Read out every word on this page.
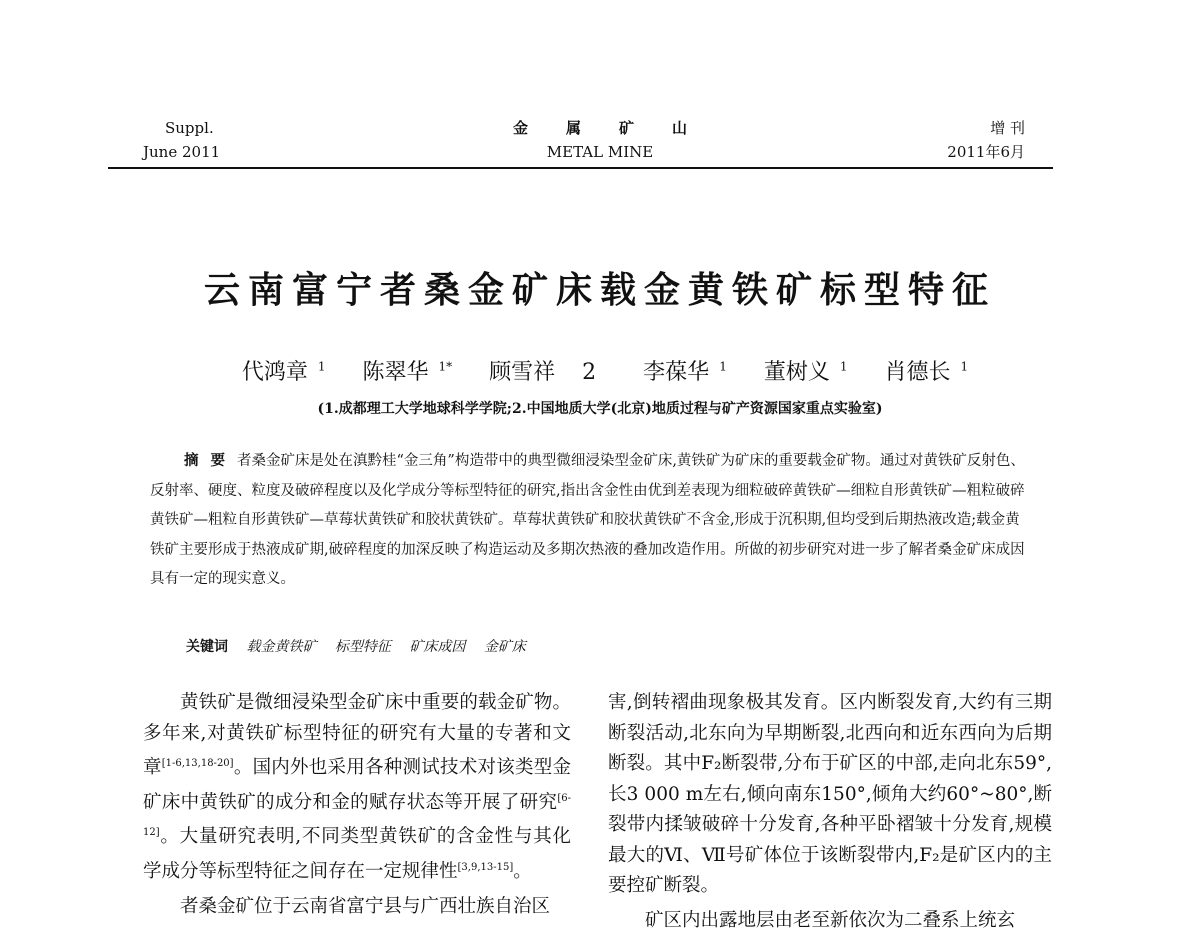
Suppl.
June 2011
金属矿山
METAL MINE
增 刊
2011年6月
云南富宁者桑金矿床载金黄铁矿标型特征
代鸿章 $^1$ 陈翠华 $^{1*}$ 顾雪祥 2 李葆华 $^1$ 董树义 $^1$ 肖德长 $^1$
(1.成都理工大学地球科学学院;2.中国地质大学(北京)地质过程与矿产资源国家重点实验室)
摘要者桑金矿床是处在滇黔桂“金三角”构造带中的典型微细浸染型金矿床,黄铁矿为矿床的重要载金矿物。通过对黄铁矿反射色、反射率、硬度、粒度及破碎程度以及化学成分等标型特征的研究,指出含金性由优到差表现为细粒破碎黄铁矿—细粒自形黄铁矿—粗粒破碎黄铁矿—粗粒自形黄铁矿—草莓状黄铁矿和胶状黄铁矿。草莓状黄铁矿和胶状黄铁矿不含金,形成于沉积期,但均受到后期热液改造;载金黄铁矿主要形成于热液成矿期,破碎程度的加深反映了构造运动及多期次热液的叠加改造作用。所做的初步研究对进一步了解者桑金矿床成因具有一定的现实意义。
关键词 载金黄铁矿 标型特征 矿床成因 金矿床

黄铁矿是微细浸染型金矿床中重要的载金矿物。多年来,对黄铁矿标型特征的研究有大量的专著和文章[1-6,13,18-20]。国内外也采用各种测试技术对该类型金矿床中黄铁矿的成分和金的赋存状态等开展了研究[6-12]。大量研究表明,不同类型黄铁矿的含金性与其化学成分等标型特征之间存在一定规律性[3,9,13-15]。

者桑金矿位于云南省富宁县与广西壮族自治区

害,倒转褶曲现象极其发育。区内断裂发育,大约有三期断裂活动,北东向为早期断裂,北西向和近东西向为后期断裂。其中F₂断裂带,分布于矿区的中部,走向北东59°,长3 000 m左右,倾向南东150°,倾角大约60°~80°,断裂带内揉皱破碎十分发育,各种平卧褶皱十分发育,规模最大的Ⅵ、Ⅶ号矿体位于该断裂带内,F₂是矿区内的主要控矿断裂。

矿区内出露地层由老至新依次为二叠系上统玄
